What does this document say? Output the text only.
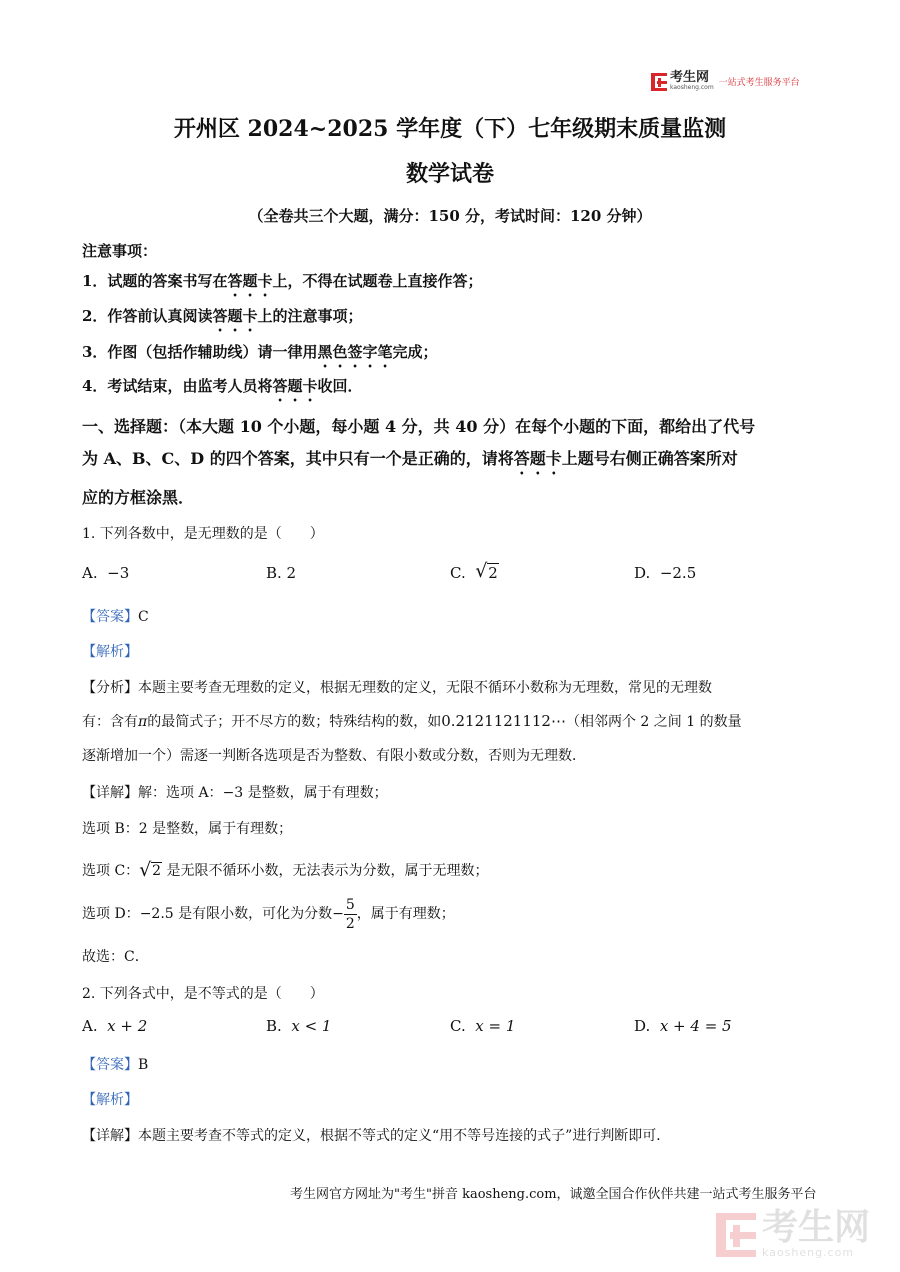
考生网
kaosheng.com 一站式考生服务平台
开州区 2024~2025 学年度（下）七年级期末质量监测
数学试卷
（全卷共三个大题，满分：150 分，考试时间：120 分钟）
注意事项：
1．试题的答案书写在答题卡上，不得在试题卷上直接作答；
2．作答前认真阅读答题卡上的注意事项；
3．作图（包括作辅助线）请一律用黑色签字笔完成；
4．考试结束，由监考人员将答题卡收回．
一、选择题：（本大题 10 个小题，每小题 4 分，共 40 分）在每个小题的下面，都给出了代号
为 A、B、C、D 的四个答案，其中只有一个是正确的，请将答题卡上题号右侧正确答案所对
应的方框涂黑．
1. 下列各数中，是无理数的是（　　）
A. −3	B. 2	C. √ 2	D. −2.5
【答案】C
【解析】
【分析】本题主要考查无理数的定义，根据无理数的定义，无限不循环小数称为无理数，常见的无理数
有：含有π的最简式子；开不尽方的数；特殊结构的数，如0.2121121112⋯（相邻两个 2 之间 1 的数量
逐渐增加一个）需逐一判断各选项是否为整数、有限小数或分数，否则为无理数．
【详解】解：选项 A：−3 是整数，属于有理数；
选项 B：2 是整数，属于有理数；
选项 C： √ 2 是无限不循环小数，无法表示为分数，属于无理数；
选项 D：−2.5 是有限小数，可化为分数− $\frac{5}{2}$ ，属于有理数；
故选：C．
2. 下列各式中，是不等式的是（　　）
A. x + 2	B. x < 1	C. x = 1	D. x + 4 = 5
【答案】B
【解析】
【详解】本题主要考查不等式的定义，根据不等式的定义“用不等号连接的式子”进行判断即可．
考生网官方网址为"考生"拼音 kaosheng.com，诚邀全国合作伙伴共建一站式考生服务平台
考生网
kaosheng.com
